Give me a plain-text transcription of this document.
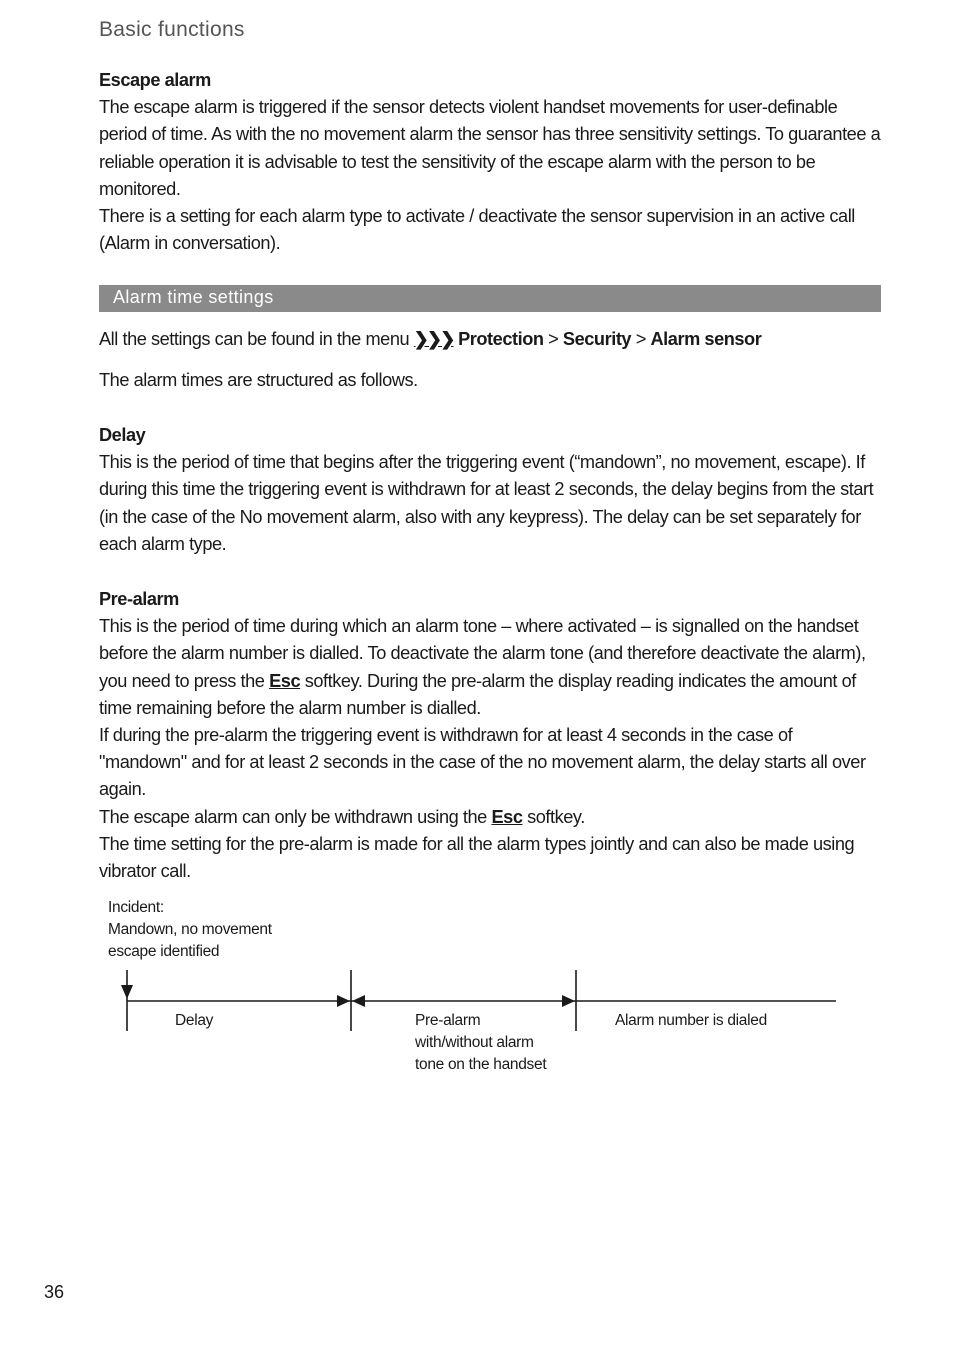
Basic functions

Escape alarm

The escape alarm is triggered if the sensor detects violent handset movements for user-definable period of time. As with the no movement alarm the sensor has three sensitivity settings. To guarantee a reliable operation it is advisable to test the sensitivity of the escape alarm with the person to be monitored.

There is a setting for each alarm type to activate / deactivate the sensor supervision in an active call (Alarm in conversation).

Alarm time settings
All the settings can be found in the menu ❯❯❯ Protection > Security > Alarm sensor
The alarm times are structured as follows.

Delay

This is the period of time that begins after the triggering event (“mandown”, no movement, escape). If during this time the triggering event is withdrawn for at least 2 seconds, the delay begins from the start (in the case of the No movement alarm, also with any keypress). The delay can be set separately for each alarm type.

Pre-alarm

This is the period of time during which an alarm tone – where activated – is signalled on the handset before the alarm number is dialled. To deactivate the alarm tone (and therefore deactivate the alarm), you need to press the Esc softkey. During the pre-alarm the display reading indicates the amount of time remaining before the alarm number is dialled.

If during the pre-alarm the triggering event is withdrawn for at least 4 seconds in the case of "mandown" and for at least 2 seconds in the case of the no movement alarm, the delay starts all over again.

The escape alarm can only be withdrawn using the Esc softkey.

The time setting for the pre-alarm is made for all the alarm types jointly and can also be made using vibrator call.

Incident:
Mandown, no movement
escape identified
Delay	Pre-alarm
with/without alarm
tone on the handset
Alarm number is dialed
36
